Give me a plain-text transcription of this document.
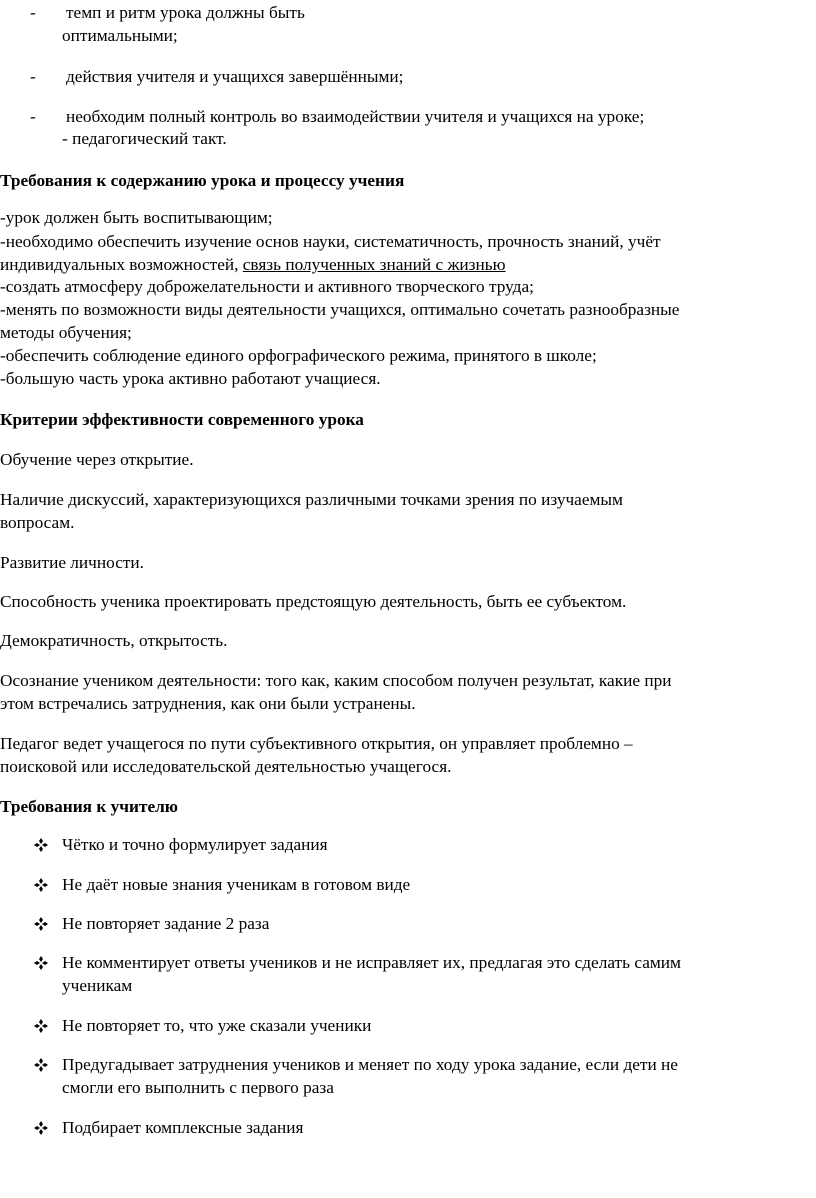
- темп и ритм урока должны быть
оптимальными;
- действия учителя и учащихся завершёнными;
- необходим полный контроль во взаимодействии учителя и учащихся на уроке;
- педагогический такт.
Требования к содержанию урока и процессу учения
-урок должен быть воспитывающим;
-необходимо обеспечить изучение основ науки, систематичность, прочность знаний, учёт
индивидуальных возможностей, связь полученных знаний с жизнью
-создать атмосферу доброжелательности и активного творческого труда;
-менять по возможности виды деятельности учащихся, оптимально сочетать разнообразные
методы обучения;
-обеспечить соблюдение единого орфографического режима, принятого в школе;
-большую часть урока активно работают учащиеся.
Критерии эффективности современного урока
Обучение через открытие.
Наличие дискуссий, характеризующихся различными точками зрения по изучаемым
вопросам.
Развитие личности.
Способность ученика проектировать предстоящую деятельность, быть ее субъектом.
Демократичность, открытость.
Осознание учеником деятельности: того как, каким способом получен результат, какие при
этом встречались затруднения, как они были устранены.
Педагог ведет учащегося по пути субъективного открытия, он управляет проблемно –
поисковой или исследовательской деятельностью учащегося.
Требования к учителю
Чётко и точно формулирует задания
Не даёт новые знания ученикам в готовом виде
Не повторяет задание 2 раза
Не комментирует ответы учеников и не исправляет их, предлагая это сделать самим
ученикам
Не повторяет то, что уже сказали ученики
Предугадывает затруднения учеников и меняет по ходу урока задание, если дети не
смогли его выполнить с первого раза
Подбирает комплексные задания
